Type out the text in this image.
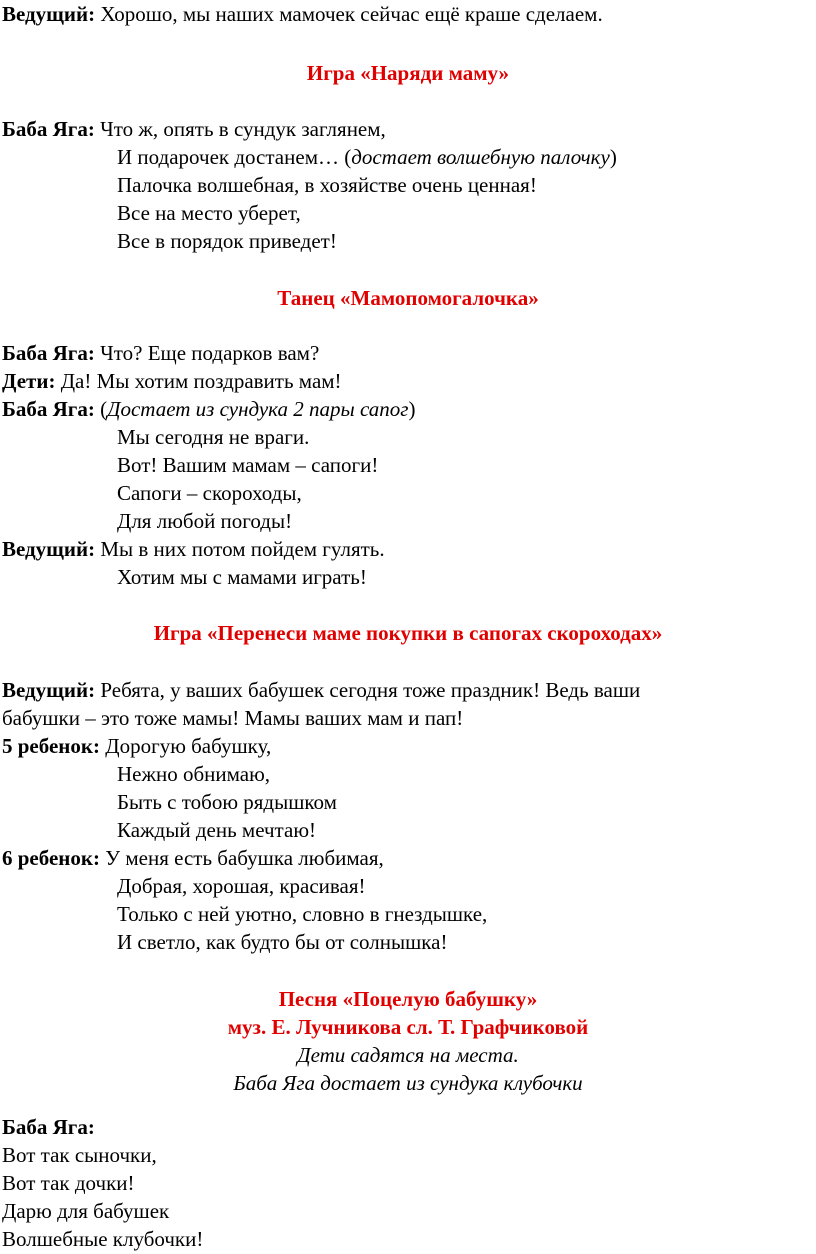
Ведущий: Хорошо, мы наших мамочек сейчас ещё краше сделаем.
Игра «Наряди маму»
Баба Яга: Что ж, опять в сундук заглянем,
И подарочек достанем… (достает волшебную палочку)
Палочка волшебная, в хозяйстве очень ценная!
Все на место уберет,
Все в порядок приведет!
Танец «Мамопомогалочка»
Баба Яга: Что? Еще подарков вам?
Дети: Да! Мы хотим поздравить мам!
Баба Яга: (Достает из сундука 2 пары сапог)
Мы сегодня не враги.
Вот! Вашим мамам – сапоги!
Сапоги – скороходы,
Для любой погоды!
Ведущий: Мы в них потом пойдем гулять.
Хотим мы с мамами играть!
Игра «Перенеси маме покупки в сапогах скороходах»
Ведущий: Ребята, у ваших бабушек сегодня тоже праздник! Ведь ваши
бабушки – это тоже мамы! Мамы ваших мам и пап!
5 ребенок: Дорогую бабушку,
Нежно обнимаю,
Быть с тобою рядышком
Каждый день мечтаю!
6 ребенок: У меня есть бабушка любимая,
Добрая, хорошая, красивая!
Только с ней уютно, словно в гнездышке,
И светло, как будто бы от солнышка!
Песня «Поцелую бабушку»
муз. Е. Лучникова сл. Т. Графчиковой
Дети садятся на места.
Баба Яга достает из сундука клубочки
Баба Яга:
Вот так сыночки,
Вот так дочки!
Дарю для бабушек
Волшебные клубочки!
